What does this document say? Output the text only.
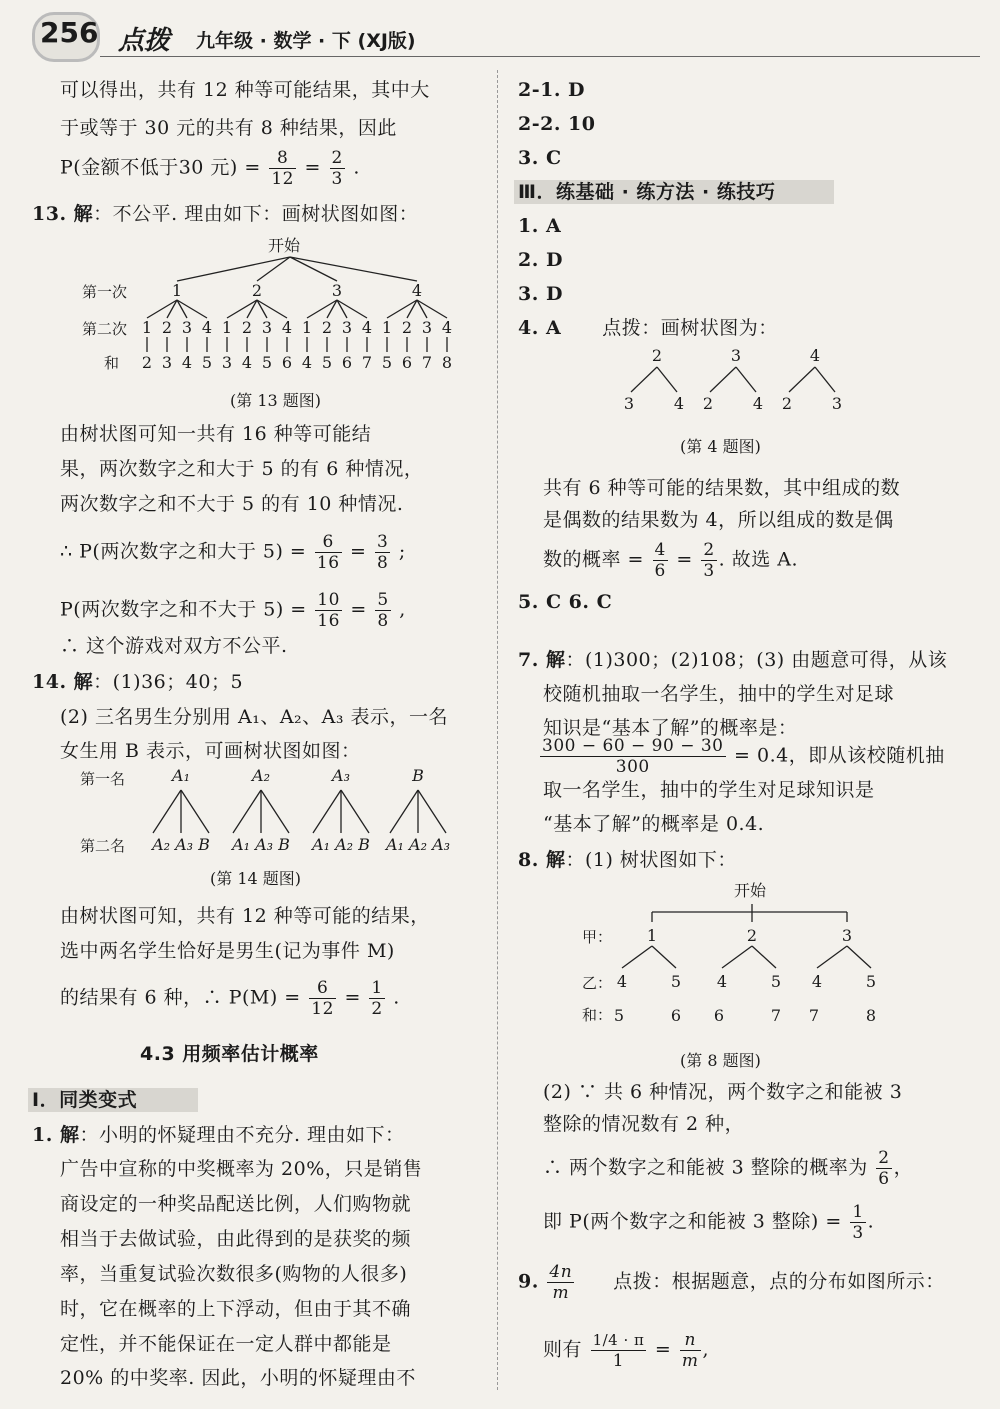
256 点拨 九年级 · 数学 · 下 (XJ版)
可以得出，共有 12 种等可能结果，其中大
于或等于 30 元的共有 8 种结果，因此
P(金额不低于30 元) = $\frac{8}{12} = \frac{2}{3}$ .
13. 解：不公平. 理由如下：画树状图如图：
开始
第一次
第二次
和
1
1
2
2
3
3
4
4
5
2
1
3
2
4
3
5
4
6
3
1
4
2
5
3
6
4
7
4
1
5
2
6
3
7
4
8
(第 13 题图)
由树状图可知一共有 16 种等可能结
果，两次数字之和大于 5 的有 6 种情况，
两次数字之和不大于 5 的有 10 种情况.
∴ P(两次数字之和大于 $5) = \frac{6}{16} = \frac{3}{8}$ ;
P(两次数字之和不大于 $5) = \frac{10}{16} = \frac{5}{8}$ ,
∴ 这个游戏对双方不公平.
14. 解：(1)36；40；5
(2) 三名男生分别用 A₁、A₂、A₃ 表示，一名
女生用 B 表示，可画树状图如图：
第一名
第二名
A₁
A₂ A₃ B
A₂
A₁ A₃ B
A₃
A₁ A₂ B
B
A₁ A₂ A₃
(第 14 题图)
由树状图可知，共有 12 种等可能的结果，
选中两名学生恰好是男生(记为事件 M)
的结果有 6 种，∴ $P(M) = \frac{6}{12} = \frac{1}{2}$ .
4.3 用频率估计概率
Ⅰ．同类变式
1. 解：小明的怀疑理由不充分. 理由如下：
广告中宣称的中奖概率为 20%，只是销售
商设定的一种奖品配送比例，人们购物就
相当于去做试验，由此得到的是获奖的频
率，当重复试验次数很多(购物的人很多)
时，它在概率的上下浮动，但由于其不确
定性，并不能保证在一定人群中都能是
20% 的中奖率. 因此，小明的怀疑理由不
2-1. D
2-2. 10
3. C
Ⅲ．练基础 · 练方法 · 练技巧
1. A
2. D
3. D
4. A 点拨：画树状图为：
2
3	4
3
2	4
4
2	3
(第 4 题图)
共有 6 种等可能的结果数，其中组成的数
是偶数的结果数为 4，所以组成的数是偶
数的概率 = $\frac{4}{6} = \frac{2}{3}$ . 故选 A.
5. C 6. C
7. 解：(1)300；(2)108；(3) 由题意可得，从该
校随机抽取一名学生，抽中的学生对足球
知识是“基本了解”的概率是：
$\frac{300 - 60 - 90 - 30}{300} = 0.4$，即从该校随机抽
取一名学生，抽中的学生对足球知识是
“基本了解”的概率是 0.4.
8. 解：(1) 树状图如下：
开始
甲：
乙：
和：
1
4	5
5	6
2
4	5
6	7
3
4	5
7	8
(第 8 题图)
(2) ∵ 共 6 种情况，两个数字之和能被 3
整除的情况数有 2 种，
∴ 两个数字之和能被 3 整除的概率为 $\frac{2}{6}$ ，
即 P(两个数字之和能被 3 整除) = $\frac{1}{3}$ .
9. $\frac{4n}{m}$ 点拨：根据题意，点的分布如图所示：
则有 $\frac{1/4 \cdot \pi}{1} = \frac{n}{m}$ ,
